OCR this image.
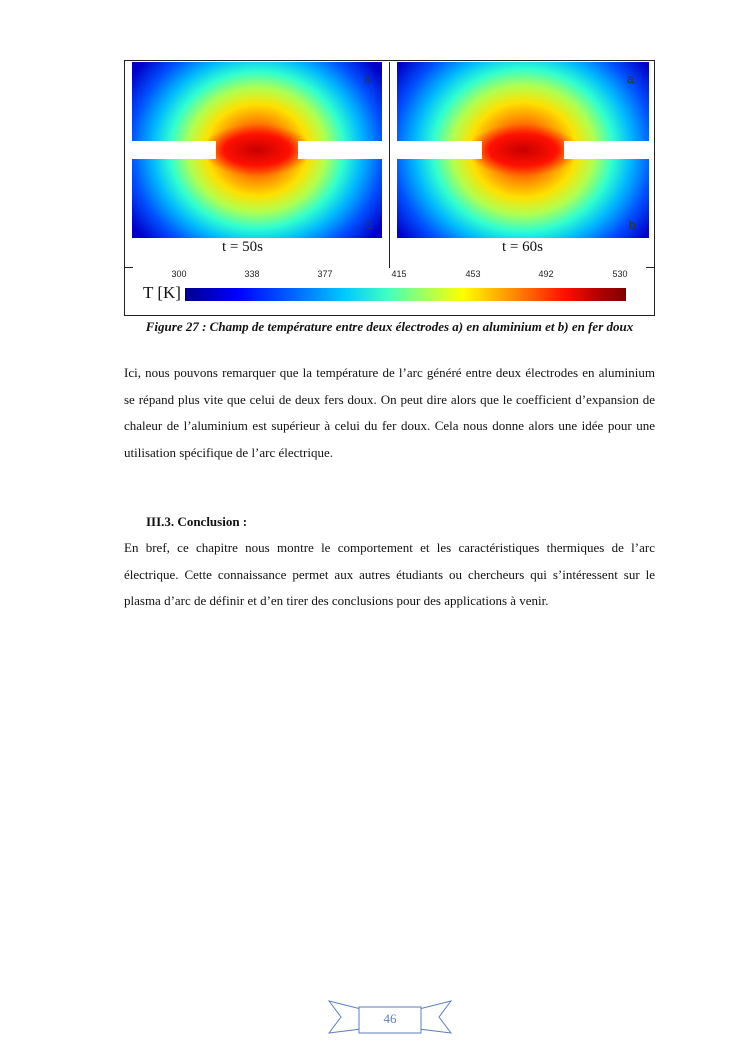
a
b
a
b
t = 50s	t = 60s
300	338	377	415	453	492	530
T [K]

Figure 27 : Champ de température entre deux électrodes a) en aluminium et b) en fer doux

Ici, nous pouvons remarquer que la température de l’arc généré entre deux électrodes en aluminium se répand plus vite que celui de deux fers doux. On peut dire alors que le coefficient d’expansion de chaleur de l’aluminium est supérieur à celui du fer doux. Cela nous donne alors une idée pour une utilisation spécifique de l’arc électrique.

III.3. Conclusion :

En bref, ce chapitre nous montre le comportement et les caractéristiques thermiques de l’arc électrique. Cette connaissance permet aux autres étudiants ou chercheurs qui s’intéressent sur le plasma d’arc de définir et d’en tirer des conclusions pour des applications à venir.

46
